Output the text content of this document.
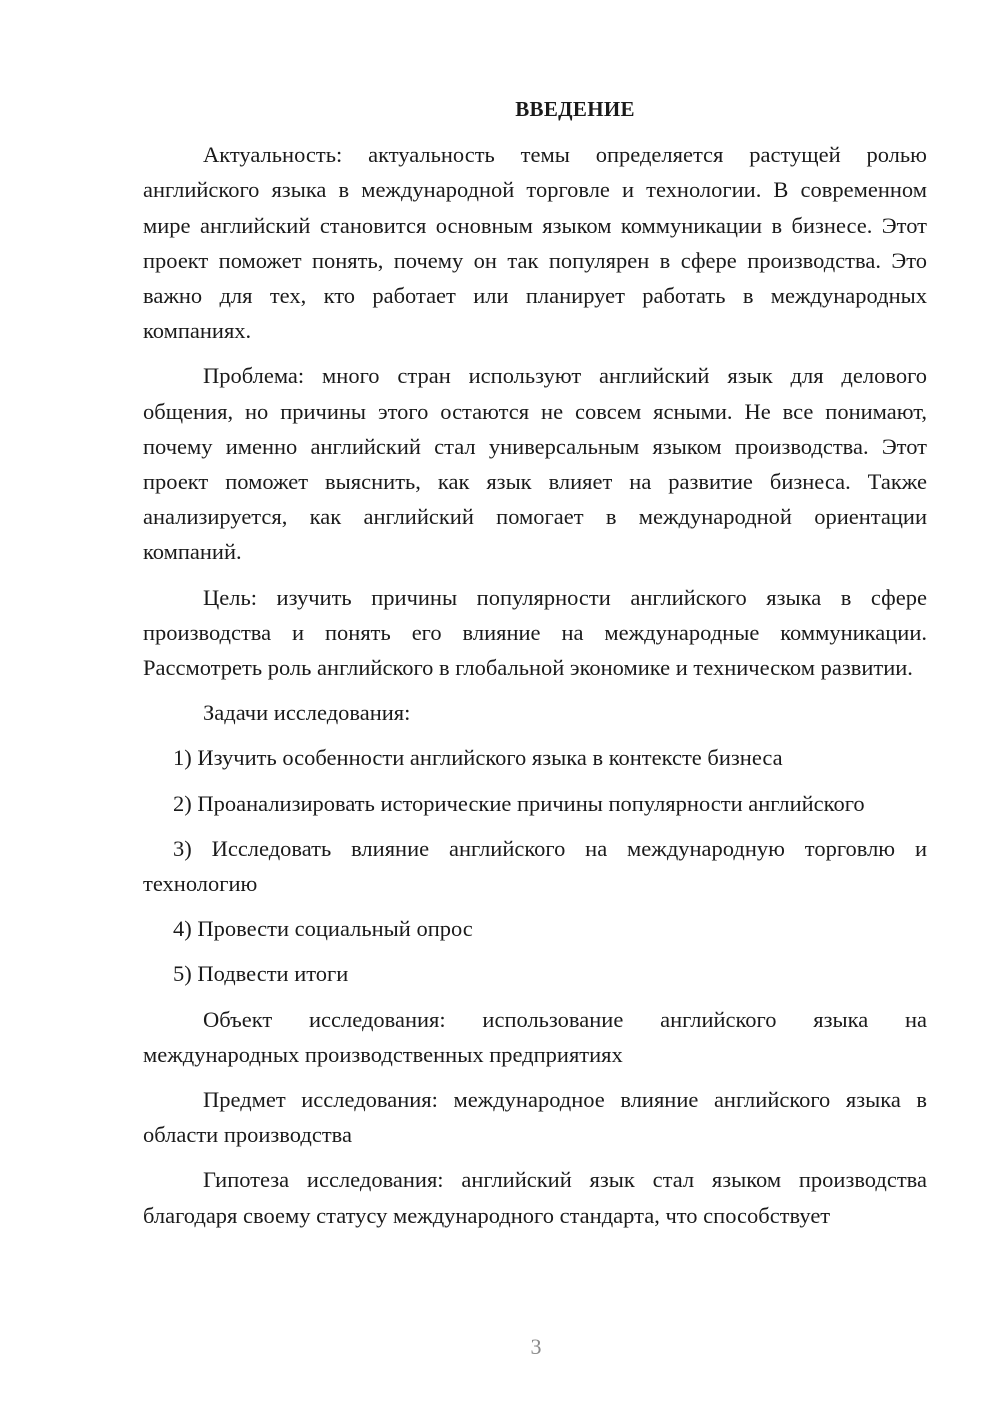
ВВЕДЕНИЕ

Актуальность: актуальность темы определяется растущей ролью английского языка в международной торговле и технологии. В современном мире английский становится основным языком коммуникации в бизнесе. Этот проект поможет понять, почему он так популярен в сфере производства. Это важно для тех, кто работает или планирует работать в международных компаниях.

Проблема: много стран используют английский язык для делового общения, но причины этого остаются не совсем ясными. Не все понимают, почему именно английский стал универсальным языком производства. Этот проект поможет выяснить, как язык влияет на развитие бизнеса. Также анализируется, как английский помогает в международной ориентации компаний.

Цель: изучить причины популярности английского языка в сфере производства и понять его влияние на международные коммуникации. Рассмотреть роль английского в глобальной экономике и техническом развитии.

Задачи исследования:

1) Изучить особенности английского языка в контексте бизнеса

2) Проанализировать исторические причины популярности английского

3) Исследовать влияние английского на международную торговлю и технологию

4) Провести социальный опрос

5) Подвести итоги

Объект исследования: использование английского языка на международных производственных предприятиях

Предмет исследования: международное влияние английского языка в области производства

Гипотеза исследования: английский язык стал языком производства благодаря своему статусу международного стандарта, что способствует

3
